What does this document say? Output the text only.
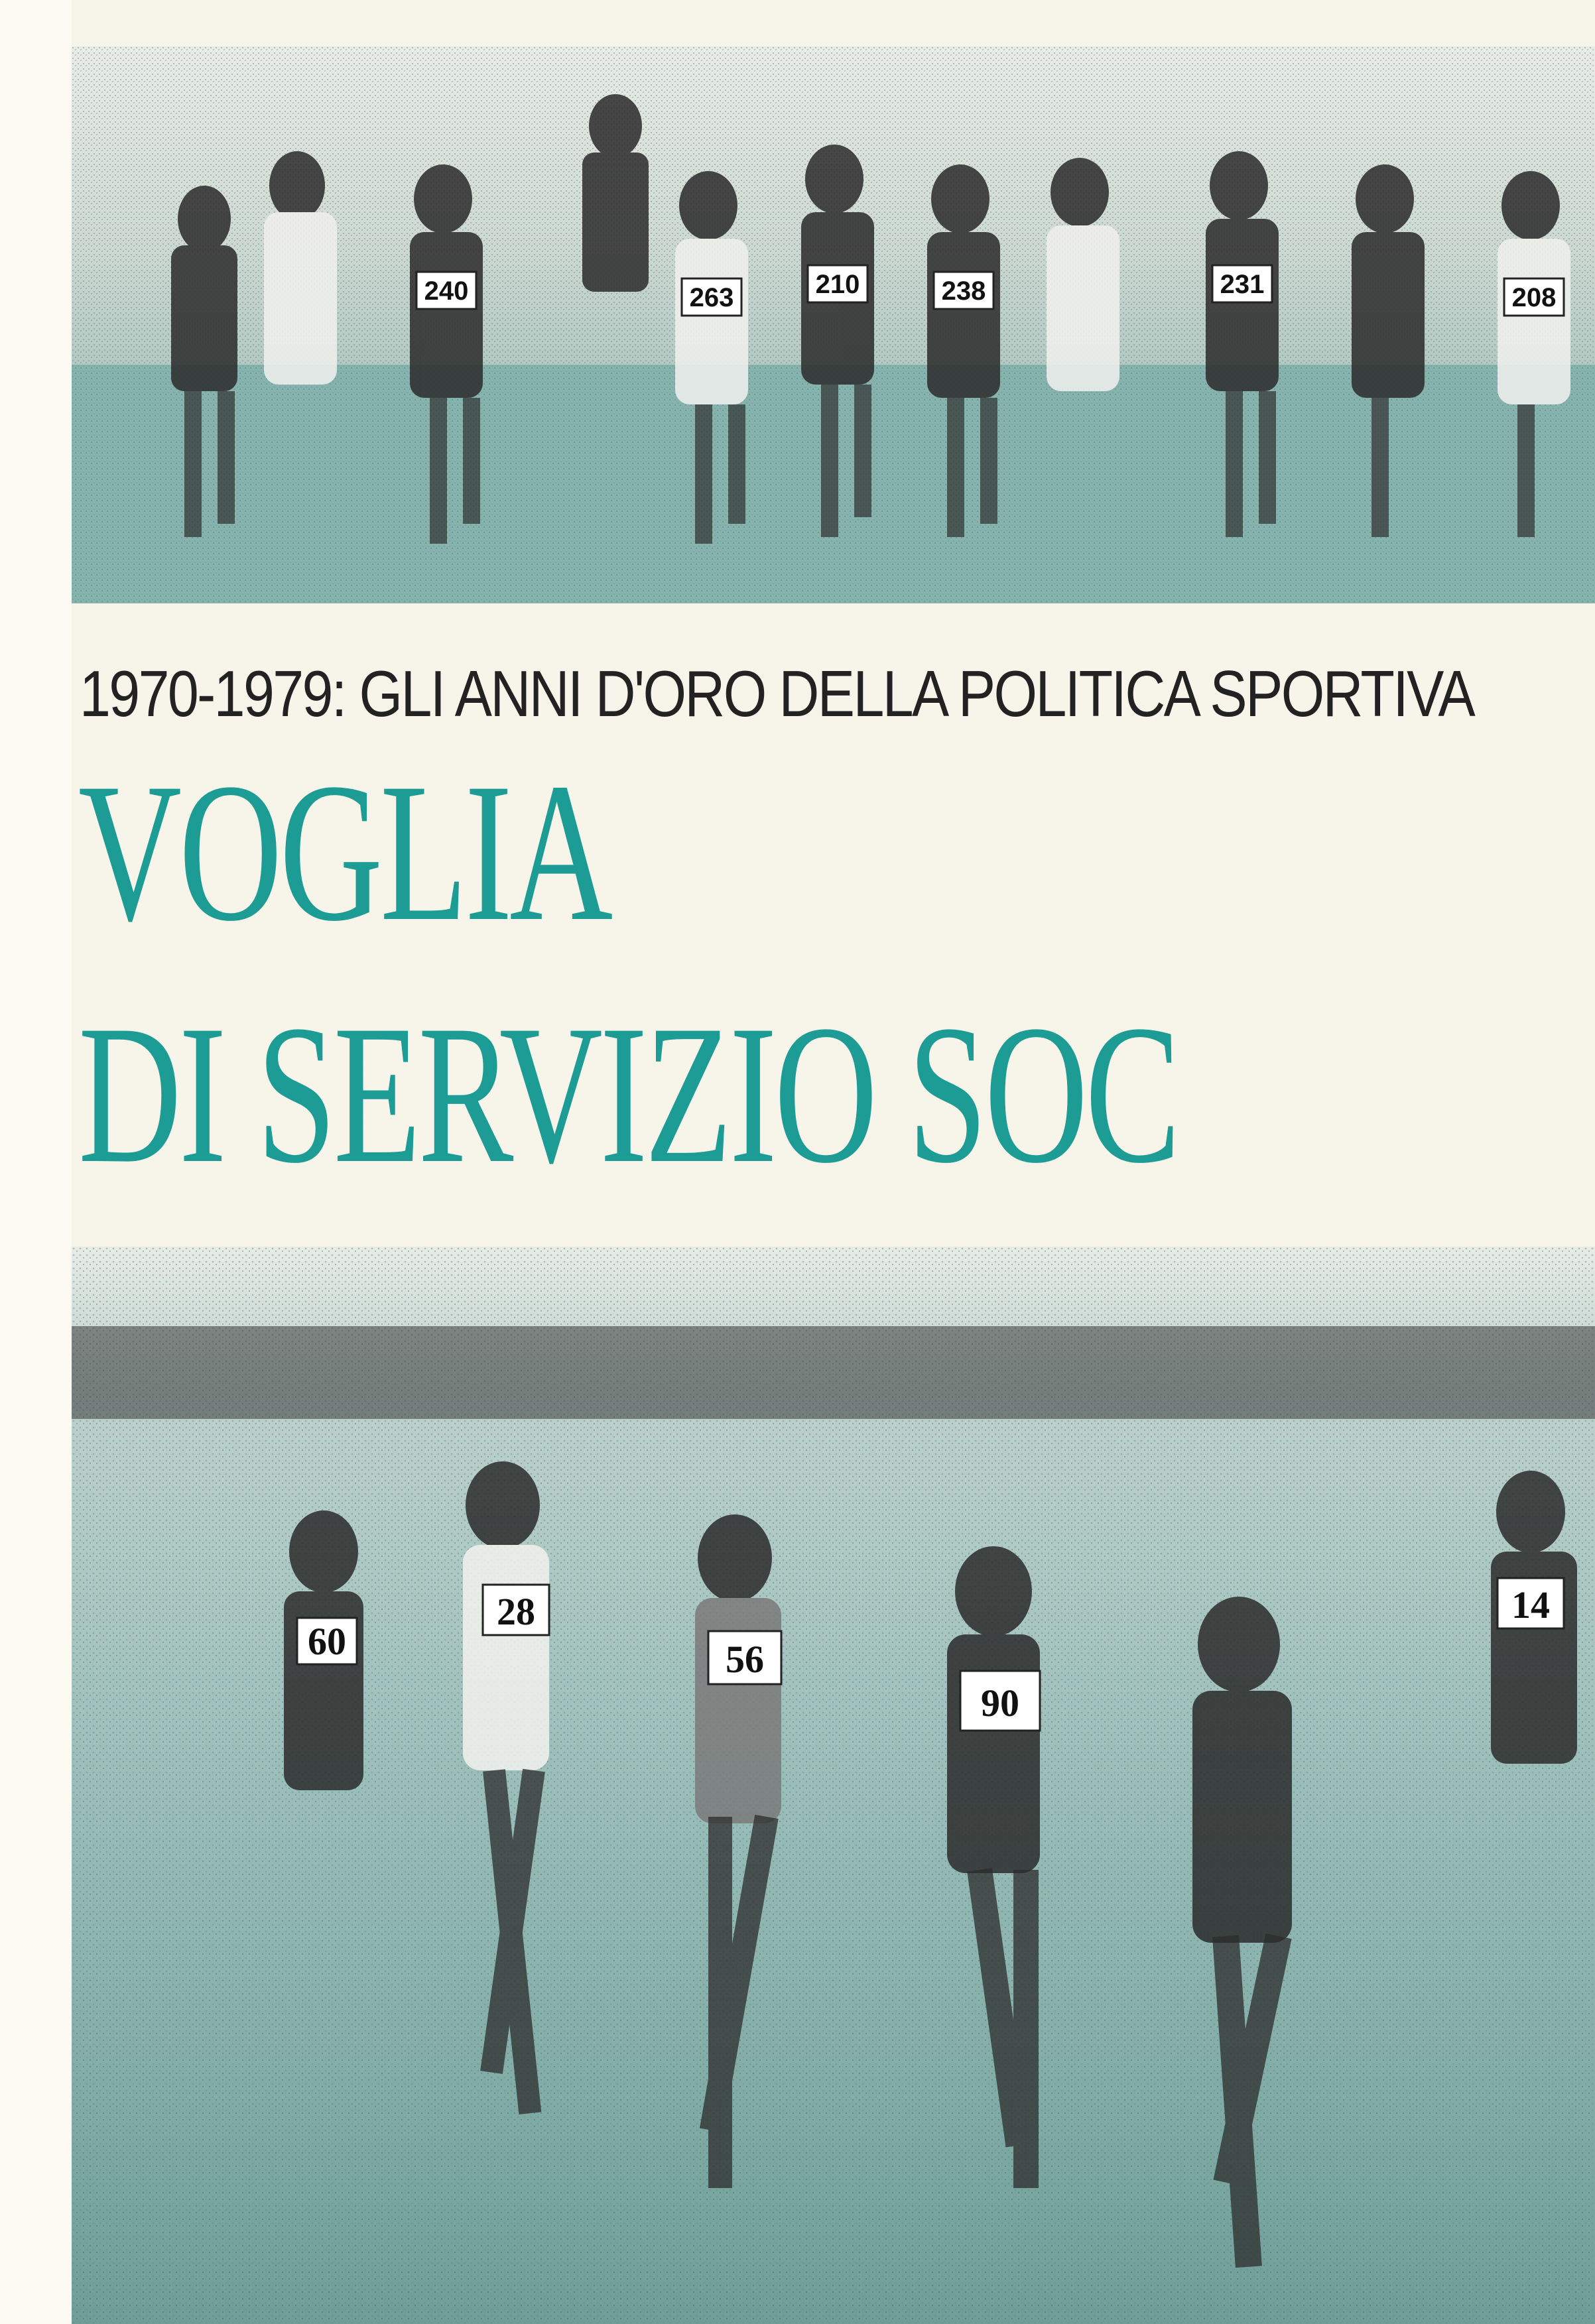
240	263	210	238	231	208
1970-1979: GLI ANNI D'ORO DELLA POLITICA SPORTIVA
VOGLIA
DI SERVIZIO SOC
60
28
56
90
14
